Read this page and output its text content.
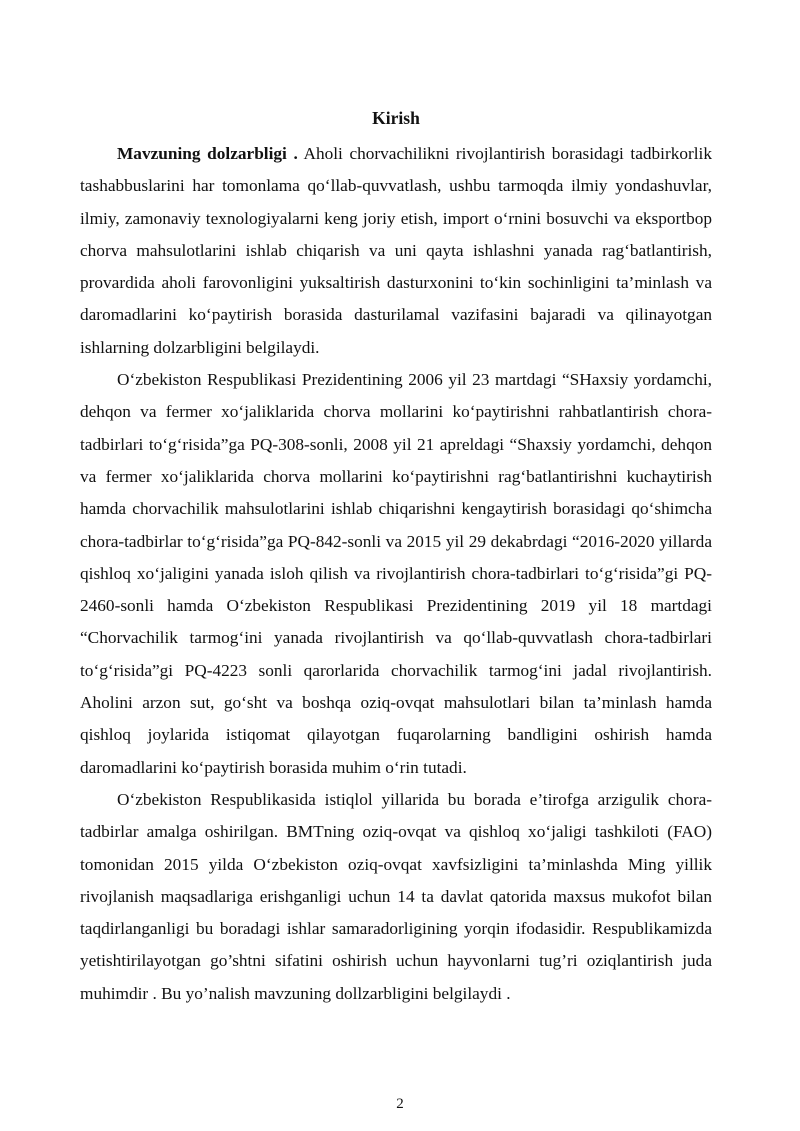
Kirish

Mavzuning dolzarbligi . Aholi chorvachilikni rivojlantirish borasidagi tadbirkorlik tashabbuslarini har tomonlama qo‘llab-quvvatlash, ushbu tarmoqda ilmiy yondashuvlar, ilmiy, zamonaviy texnologiyalarni keng joriy etish, import o‘rnini bosuvchi va eksportbop chorva mahsulotlarini ishlab chiqarish va uni qayta ishlashni yanada rag‘batlantirish, provardida aholi farovonligini yuksaltirish dasturxonini to‘kin sochinligini ta’minlash va daromadlarini ko‘paytirish borasida dasturilamal vazifasini bajaradi va qilinayotgan ishlarning dolzarbligini belgilaydi.

O‘zbekiston Respublikasi Prezidentining 2006 yil 23 martdagi “SHaxsiy yordamchi, dehqon va fermer xo‘jaliklarida chorva mollarini ko‘paytirishni rahbatlantirish chora-tadbirlari to‘g‘risida”ga PQ-308-sonli, 2008 yil 21 apreldagi “Shaxsiy yordamchi, dehqon va fermer xo‘jaliklarida chorva mollarini ko‘paytirishni rag‘batlantirishni kuchaytirish hamda chorvachilik mahsulotlarini ishlab chiqarishni kengaytirish borasidagi qo‘shimcha chora-tadbirlar to‘g‘risida”ga PQ-842-sonli va 2015 yil 29 dekabrdagi “2016-2020 yillarda qishloq xo‘jaligini yanada isloh qilish va rivojlantirish chora-tadbirlari to‘g‘risida”gi PQ-2460-sonli hamda O‘zbekiston Respublikasi Prezidentining 2019 yil 18 martdagi “Chorvachilik tarmog‘ini yanada rivojlantirish va qo‘llab-quvvatlash chora-tadbirlari to‘g‘risida”gi PQ-4223 sonli qarorlarida chorvachilik tarmog‘ini jadal rivojlantirish. Aholini arzon sut, go‘sht va boshqa oziq-ovqat mahsulotlari bilan ta’minlash hamda qishloq joylarida istiqomat qilayotgan fuqarolarning bandligini oshirish hamda daromadlarini ko‘paytirish borasida muhim o‘rin tutadi.

O‘zbekiston Respublikasida istiqlol yillarida bu borada e’tirofga arzigulik chora-tadbirlar amalga oshirilgan. BMTning oziq-ovqat va qishloq xo‘jaligi tashkiloti (FAO) tomonidan 2015 yilda O‘zbekiston oziq-ovqat xavfsizligini ta’minlashda Ming yillik rivojlanish maqsadlariga erishganligi uchun 14 ta davlat qatorida maxsus mukofot bilan taqdirlanganligi bu boradagi ishlar samaradorligining yorqin ifodasidir. Respublikamizda yetishtirilayotgan go’shtni sifatini oshirish uchun hayvonlarni tug’ri oziqlantirish juda muhimdir . Bu yo’nalish mavzuning dollzarbligini belgilaydi .

2
